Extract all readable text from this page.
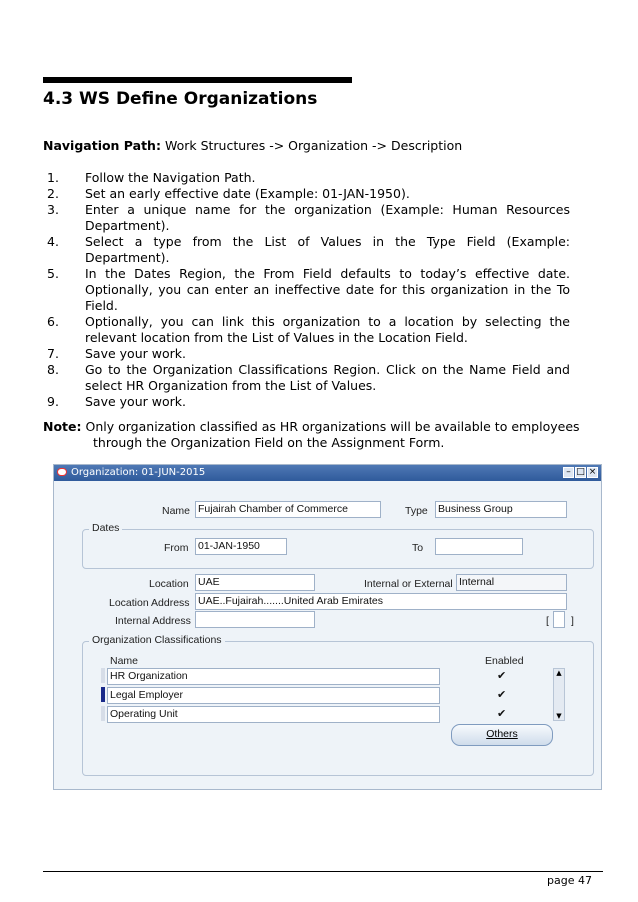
4.3 WS Define Organizations
Navigation Path: Work Structures -> Organization -> Description
1. Follow the Navigation Path.
2. Set an early effective date (Example: 01-JAN-1950).
3. Enter a unique name for the organization (Example: Human Resources Department).
4. Select a type from the List of Values in the Type Field (Example: Department).
5. In the Dates Region, the From Field defaults to today’s effective date. Optionally, you can enter an ineffective date for this organization in the To Field.
6. Optionally, you can link this organization to a location by selecting the relevant location from the List of Values in the Location Field.
7. Save your work.
8. Go to the Organization Classifications Region. Click on the Name Field and select HR Organization from the List of Values.
9. Save your work.
Note: Only organization classified as HR organizations will be available to employees
through the Organization Field on the Assignment Form.
Organization: 01-JUN-2015	– □ ×
Name Fujairah Chamber of Commerce	Type Business Group
Dates
From 01-JAN-1950	To
Location UAE	Internal or External Internal
Location Address UAE..Fujairah.......United Arab Emirates
Internal Address	[ ]
Organization Classifications
Name	Enabled
HR Organization	✔
Legal Employer	✔
Operating Unit	✔
▲
▼
Others
page 47
